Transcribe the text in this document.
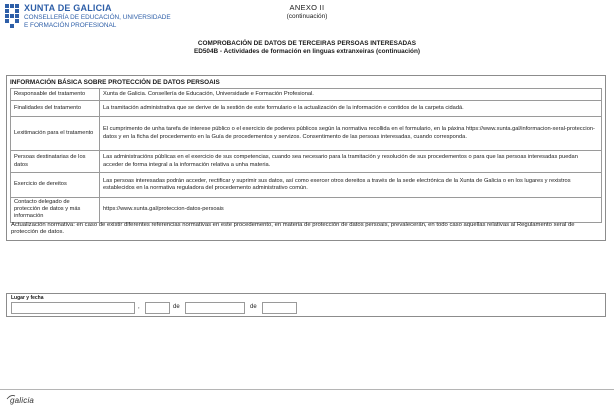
XUNTA DE GALICIA
CONSELLERÍA DE EDUCACIÓN, UNIVERSIDADE
E FORMACIÓN PROFESIONAL
ANEXO II
(continuación)
COMPROBACIÓN DE DATOS DE TERCEIRAS PERSOAS INTERESADAS
ED504B - Actividades de formación en linguas extranxeiras (continuación)
INFORMACIÓN BÁSICA SOBRE PROTECCIÓN DE DATOS PERSOAIS
Responsable del tratamento	Xunta de Galicia. Consellería de Educación, Universidade e Formación Profesional.
Finalidades del tratamento	La tramitación administrativa que se derive de la xestión de este formulario e la actualización de la información e contidos de la carpeta cidadá.
Lexitimación para el tratamento	El cumprimento de unha tarefa de interese público o el exercicio de poderes públicos según la normativa recollida en el formulario, en la páxina https://www.xunta.gal/informacion-xeral-proteccion-datos y en la ficha del procedemento en la Guía de procedementos y servizos. Consentimento de las persoas interesadas, cuando corresponda.
Persoas destinatarias de los datos	Las administracións públicas en el exercicio de sus competencias, cuando sea necesario para la tramitación y resolución de sus procedementos o para que las persoas interesadas puedan acceder de forma integral a la información relativa a unha materia.
Exercicio de dereitos	Las persoas interesadas podrán acceder, rectificar y suprimir sus datos, así como exercer otros dereitos a través de la sede electrónica de la Xunta de Galicia o en los lugares y rexistros establecidos en la normativa reguladora del procedemento administrativo común.
Contacto delegado de protección de datos y más información	https://www.xunta.gal/proteccion-datos-persoais
Actualización normativa: en caso de existir diferentes referencias normativas en este procedemento, en materia de protección de datos persoais, prevalecerán, en todo caso aquellas relativas al Regulamento xeral de protección de datos.
Lugar y fecha
,	de	de
galicia
